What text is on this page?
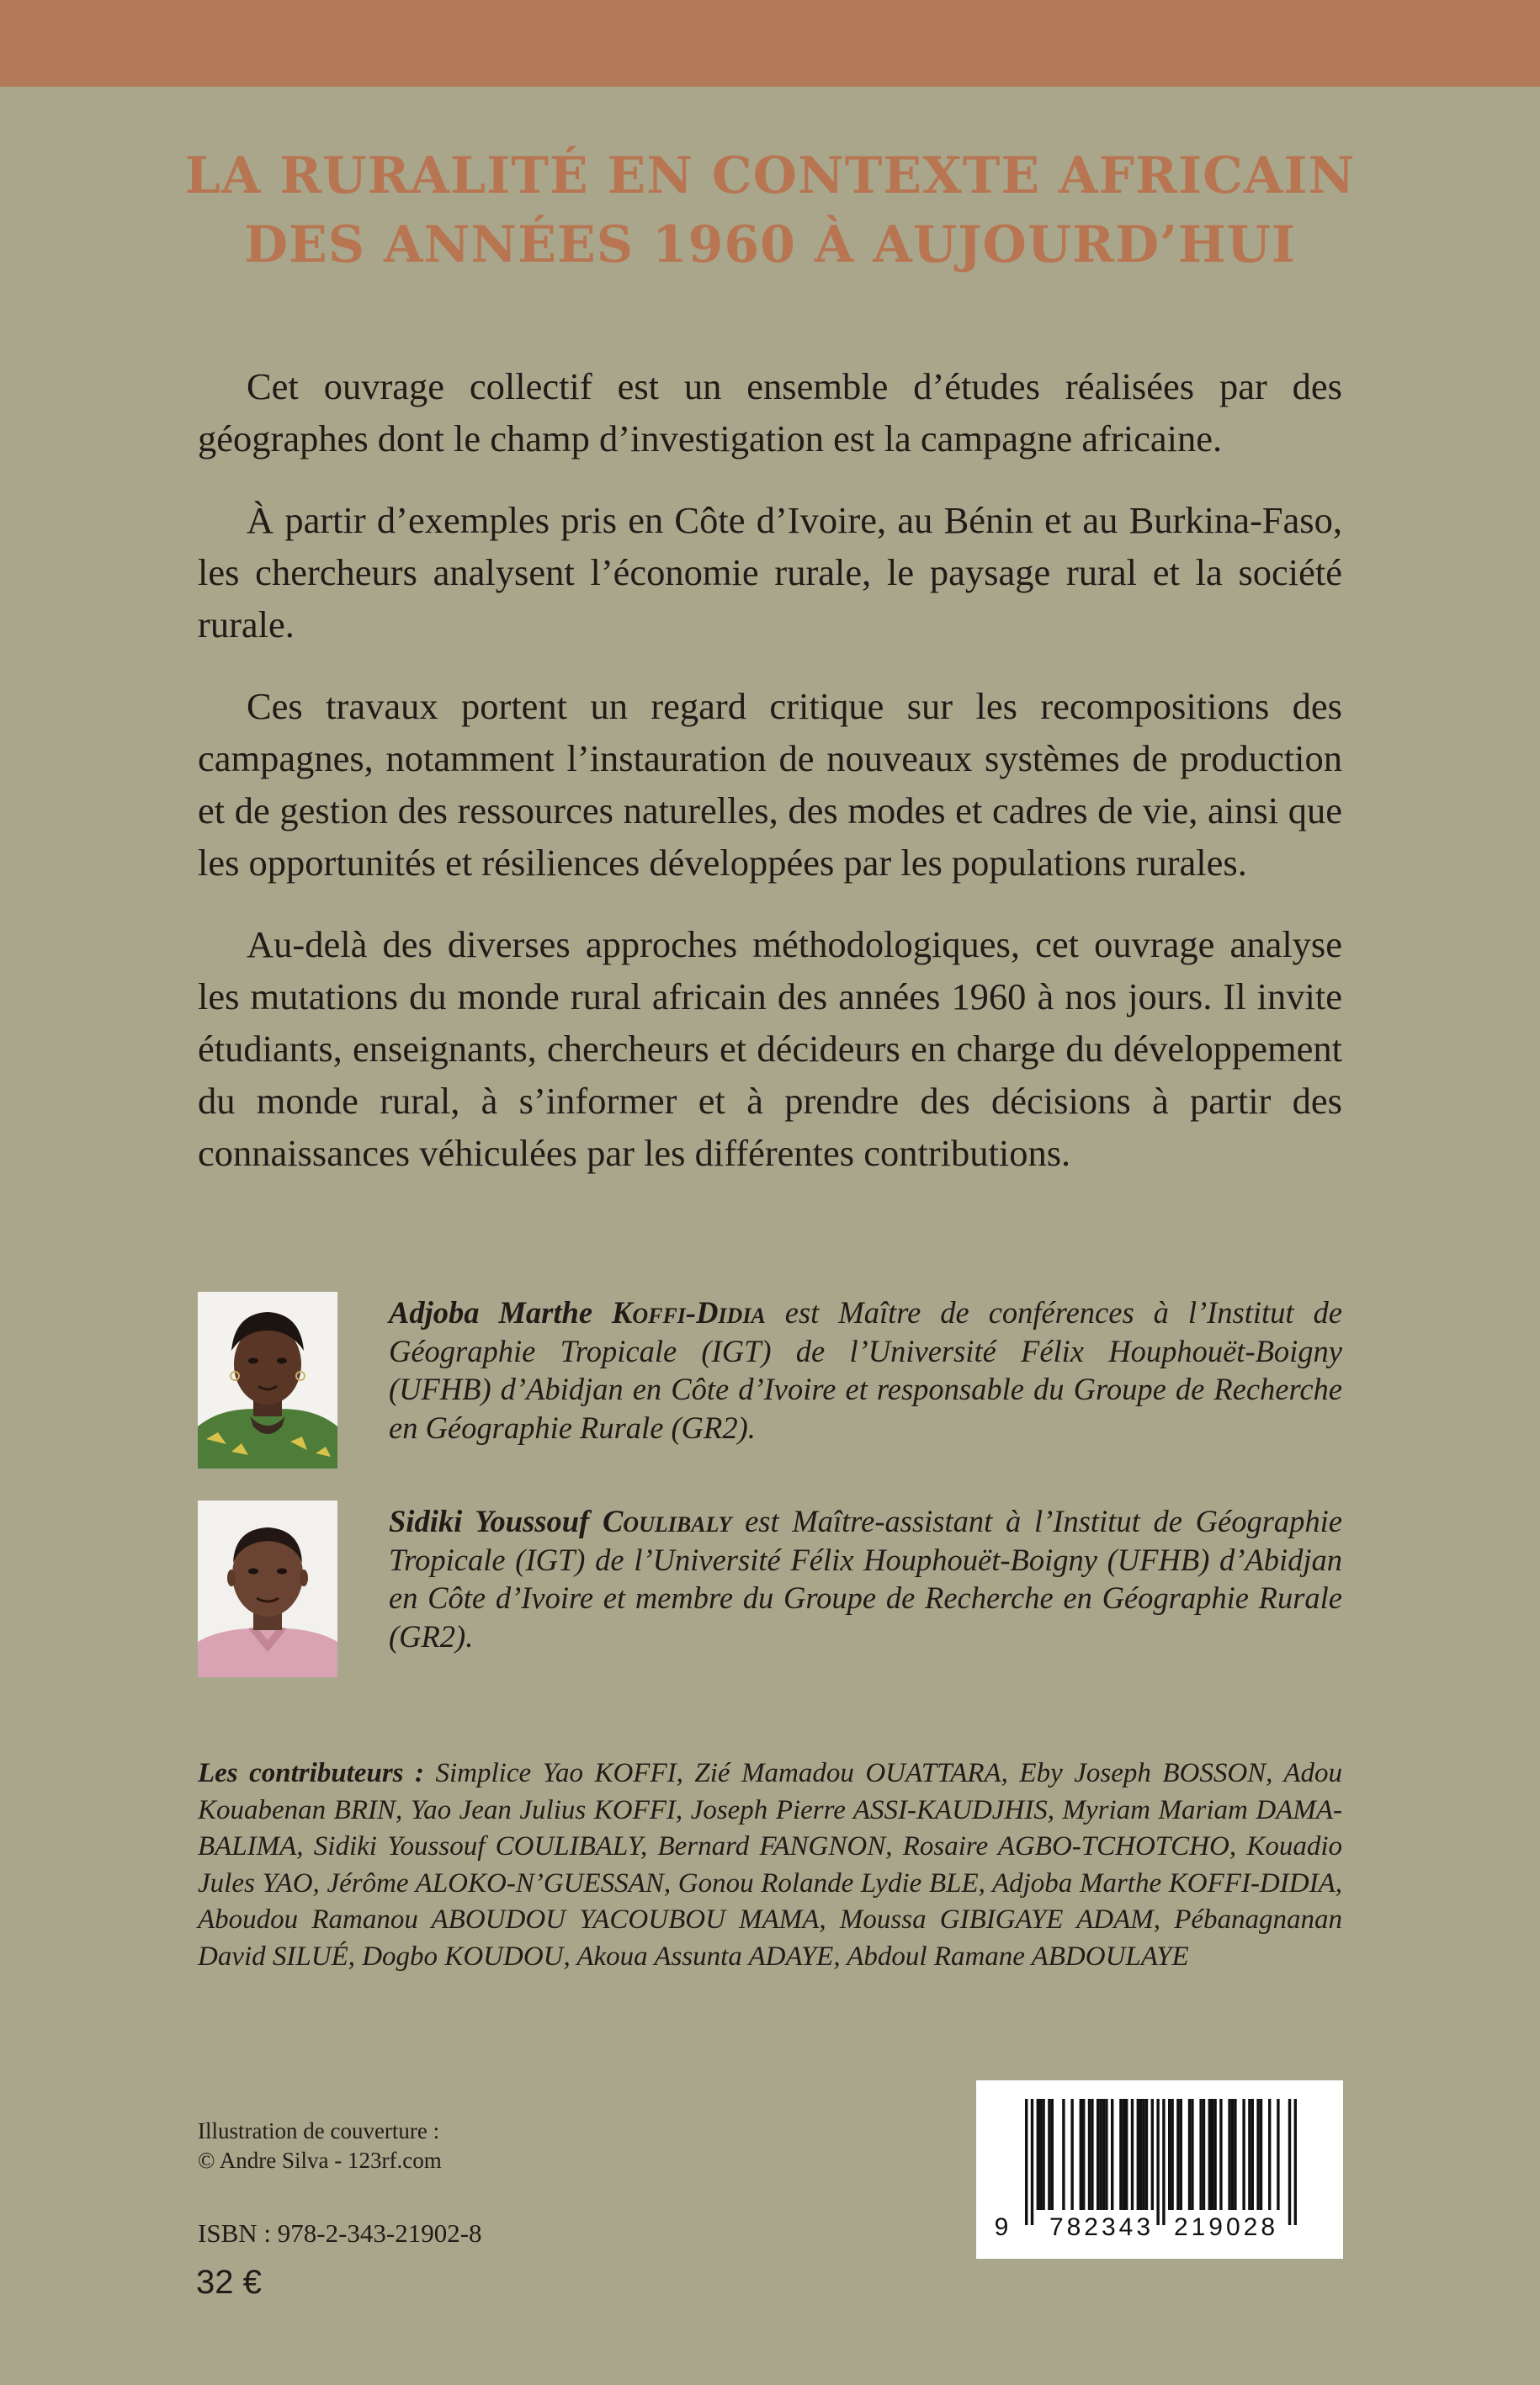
LA RURALITÉ EN CONTEXTE AFRICAIN
DES ANNÉES 1960 À AUJOURD’HUI

Cet ouvrage collectif est un ensemble d’études réalisées par des géographes dont le champ d’investigation est la campagne africaine.

À partir d’exemples pris en Côte d’Ivoire, au Bénin et au Burkina-Faso, les chercheurs analysent l’économie rurale, le paysage rural et la société rurale.

Ces travaux portent un regard critique sur les recompositions des campagnes, notamment l’instauration de nouveaux systèmes de production et de gestion des ressources naturelles, des modes et cadres de vie, ainsi que les opportunités et résiliences développées par les populations rurales.

Au-delà des diverses approches méthodologiques, cet ouvrage analyse les mutations du monde rural africain des années 1960 à nos jours. Il invite étudiants, enseignants, chercheurs et décideurs en charge du développement du monde rural, à s’informer et à prendre des décisions à partir des connaissances véhiculées par les différentes contributions.

Adjoba Marthe Koffi-Didia est Maître de conférences à l’Institut de Géographie Tropicale (IGT) de l’Université Félix Houphouët-Boigny (UFHB) d’Abidjan en Côte d’Ivoire et responsable du Groupe de Recherche en Géographie Rurale (GR2).
Sidiki Youssouf Coulibaly est Maître-assistant à l’Institut de Géographie Tropicale (IGT) de l’Université Félix Houphouët-Boigny (UFHB) d’Abidjan en Côte d’Ivoire et membre du Groupe de Recherche en Géographie Rurale (GR2).
Les contributeurs : Simplice Yao KOFFI, Zié Mamadou OUATTARA, Eby Joseph BOSSON, Adou Kouabenan BRIN, Yao Jean Julius KOFFI, Joseph Pierre ASSI-KAUDJHIS, Myriam Mariam DAMA- BALIMA, Sidiki Youssouf COULIBALY, Bernard FANGNON, Rosaire AGBO-TCHOTCHO, Kouadio Jules YAO, Jérôme ALOKO-N’GUESSAN, Gonou Rolande Lydie BLE, Adjoba Marthe KOFFI-DIDIA, Aboudou Ramanou ABOUDOU YACOUBOU MAMA, Moussa GIBIGAYE ADAM, Pébanagnanan David SILUÉ, Dogbo KOUDOU, Akoua Assunta ADAYE, Abdoul Ramane ABDOULAYE
Illustration de couverture :
© Andre Silva - 123rf.com
ISBN : 978-2-343-21902-8
32 €
9 782343 219028
